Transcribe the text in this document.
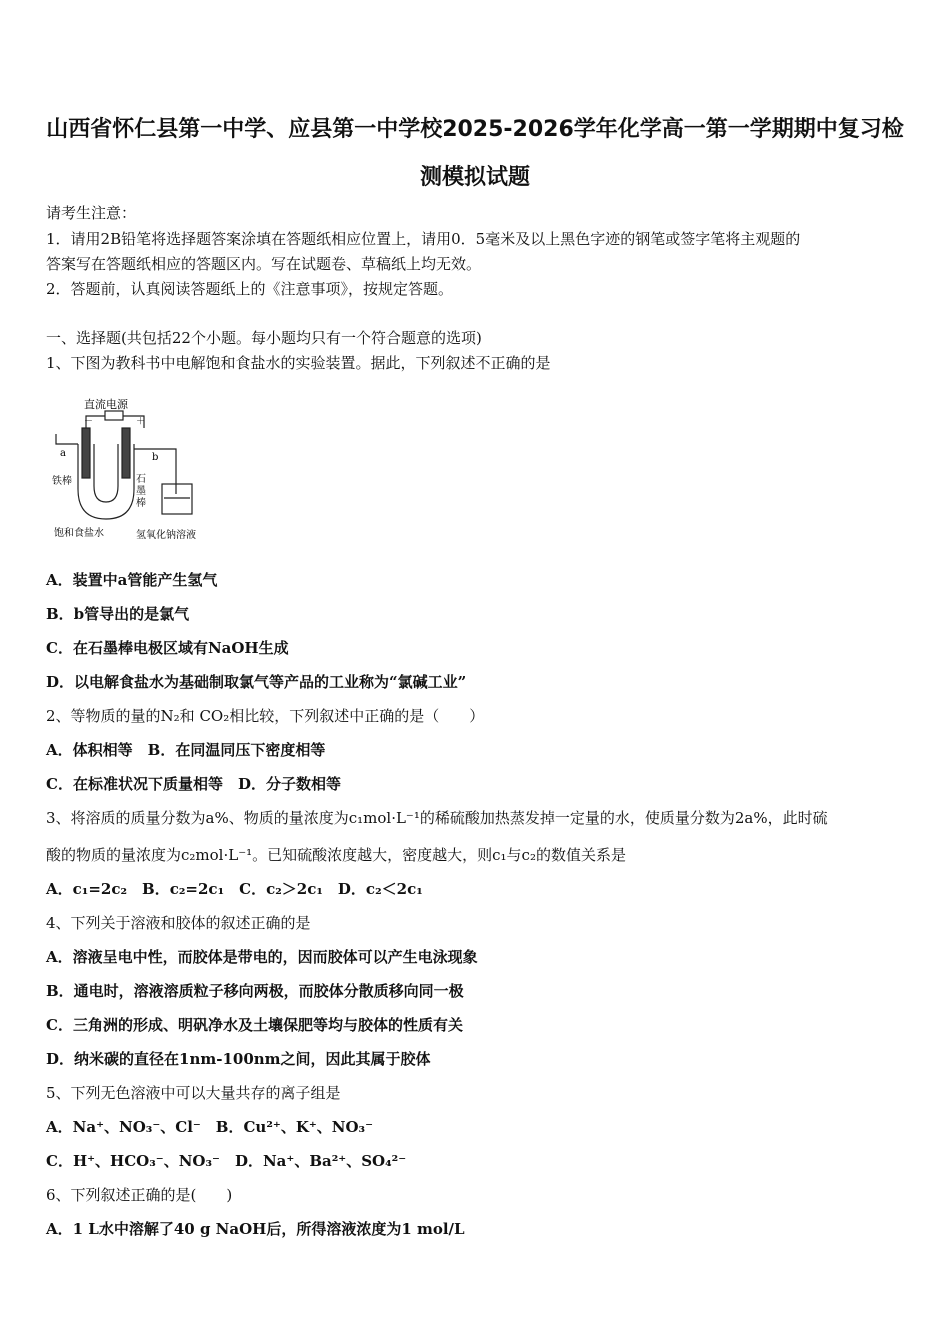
山西省怀仁县第一中学、应县第一中学校2025-2026学年化学高一第一学期期中复习检
测模拟试题
请考生注意：
1．请用2B铅笔将选择题答案涂填在答题纸相应位置上，请用0．5毫米及以上黑色字迹的钢笔或签字笔将主观题的
答案写在答题纸相应的答题区内。写在试题卷、草稿纸上均无效。
2．答题前，认真阅读答题纸上的《注意事项》，按规定答题。
一、选择题(共包括22个小题。每小题均只有一个符合题意的选项)
1、下图为教科书中电解饱和食盐水的实验装置。据此，下列叙述不正确的是
直流电源
－	＋
a	b
铁棒	石
墨
棒
饱和食盐水	氢氧化钠溶液
A．装置中a管能产生氢气
B．b管导出的是氯气
C．在石墨棒电极区域有NaOH生成
D．以电解食盐水为基础制取氯气等产品的工业称为“氯碱工业”
2、等物质的量的N₂和 CO₂相比较，下列叙述中正确的是（　　）
A．体积相等　B．在同温同压下密度相等
C．在标准状况下质量相等　D．分子数相等
3、将溶质的质量分数为a%、物质的量浓度为c₁mol·L⁻¹的稀硫酸加热蒸发掉一定量的水，使质量分数为2a%，此时硫
酸的物质的量浓度为c₂mol·L⁻¹。已知硫酸浓度越大，密度越大，则c₁与c₂的数值关系是
A．c₁=2c₂　B．c₂=2c₁　C．c₂＞2c₁　D．c₂＜2c₁
4、下列关于溶液和胶体的叙述正确的是
A．溶液呈电中性，而胶体是带电的，因而胶体可以产生电泳现象
B．通电时，溶液溶质粒子移向两极，而胶体分散质移向同一极
C．三角洲的形成、明矾净水及土壤保肥等均与胶体的性质有关
D．纳米碳的直径在1nm-100nm之间，因此其属于胶体
5、下列无色溶液中可以大量共存的离子组是
A．Na⁺、NO₃⁻、Cl⁻　B．Cu²⁺、K⁺、NO₃⁻
C．H⁺、HCO₃⁻、NO₃⁻　D．Na⁺、Ba²⁺、SO₄²⁻
6、下列叙述正确的是(　　)
A．1 L水中溶解了40 g NaOH后，所得溶液浓度为1 mol/L
